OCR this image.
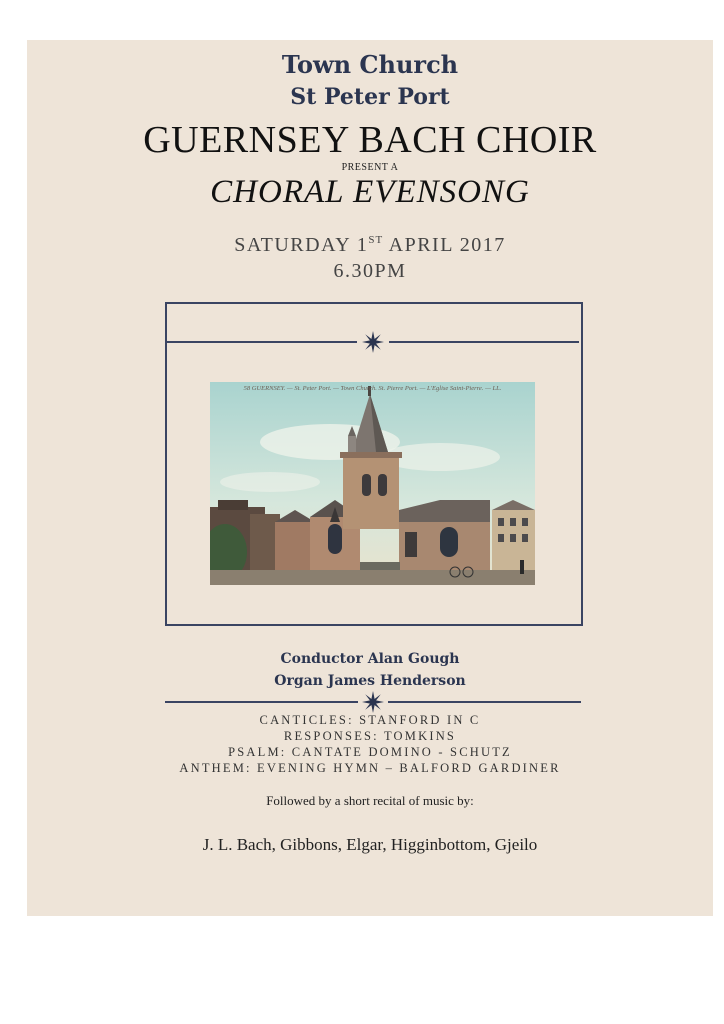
Town Church
St Peter Port
GUERNSEY BACH CHOIR
PRESENT A
CHORAL EVENSONG
SATURDAY 1ST APRIL 2017
6.30PM
58 GUERNSEY. — St. Peter Port. — Town Church. St. Pierre Port. — L'Eglise Saint-Pierre. — LL.
Conductor Alan Gough
Organ James Henderson
CANTICLES: STANFORD IN C
RESPONSES: TOMKINS
PSALM: CANTATE DOMINO - SCHUTZ
ANTHEM: EVENING HYMN – BALFORD GARDINER
Followed by a short recital of music by:
J. L. Bach, Gibbons, Elgar, Higginbottom, Gjeilo
